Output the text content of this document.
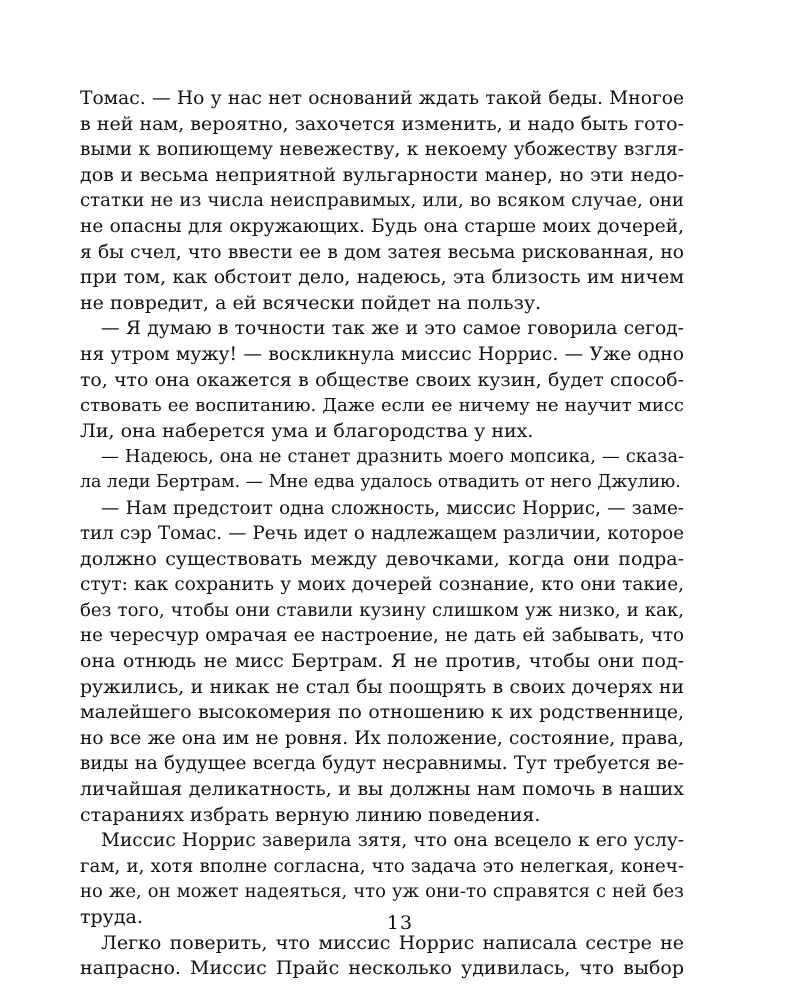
Томас. — Но у нас нет оснований ждать такой беды. Многое
в ней нам, вероятно, захочется изменить, и надо быть гото-
выми к вопиющему невежеству, к некоему убожеству взгля-
дов и весьма неприятной вульгарности манер, но эти недо-
статки не из числа неисправимых, или, во всяком случае, они
не опасны для окружающих. Будь она старше моих дочерей,
я бы счел, что ввести ее в дом затея весьма рискованная, но
при том, как обстоит дело, надеюсь, эта близость им ничем
не повредит, а ей всячески пойдет на пользу.
— Я думаю в точности так же и это самое говорила сегод-
ня утром мужу! — воскликнула миссис Норрис. — Уже одно
то, что она окажется в обществе своих кузин, будет способ-
ствовать ее воспитанию. Даже если ее ничему не научит мисс
Ли, она наберется ума и благородства у них.
— Надеюсь, она не станет дразнить моего мопсика, — сказа-
ла леди Бертрам. — Мне едва удалось отвадить от него Джулию.
— Нам предстоит одна сложность, миссис Норрис, — заме-
тил сэр Томас. — Речь идет о надлежащем различии, которое
должно существовать между девочками, когда они подра-
стут: как сохранить у моих дочерей сознание, кто они такие,
без того, чтобы они ставили кузину слишком уж низко, и как,
не чересчур омрачая ее настроение, не дать ей забывать, что
она отнюдь не мисс Бертрам. Я не против, чтобы они под-
ружились, и никак не стал бы поощрять в своих дочерях ни
малейшего высокомерия по отношению к их родственнице,
но все же она им не ровня. Их положение, состояние, права,
виды на будущее всегда будут несравнимы. Тут требуется ве-
личайшая деликатность, и вы должны нам помочь в наших
стараниях избрать верную линию поведения.
Миссис Норрис заверила зятя, что она всецело к его услу-
гам, и, хотя вполне согласна, что задача это нелегкая, конеч-
но же, он может надеяться, что уж они-то справятся с ней без
труда.
Легко поверить, что миссис Норрис написала сестре не
напрасно. Миссис Прайс несколько удивилась, что выбор
13
